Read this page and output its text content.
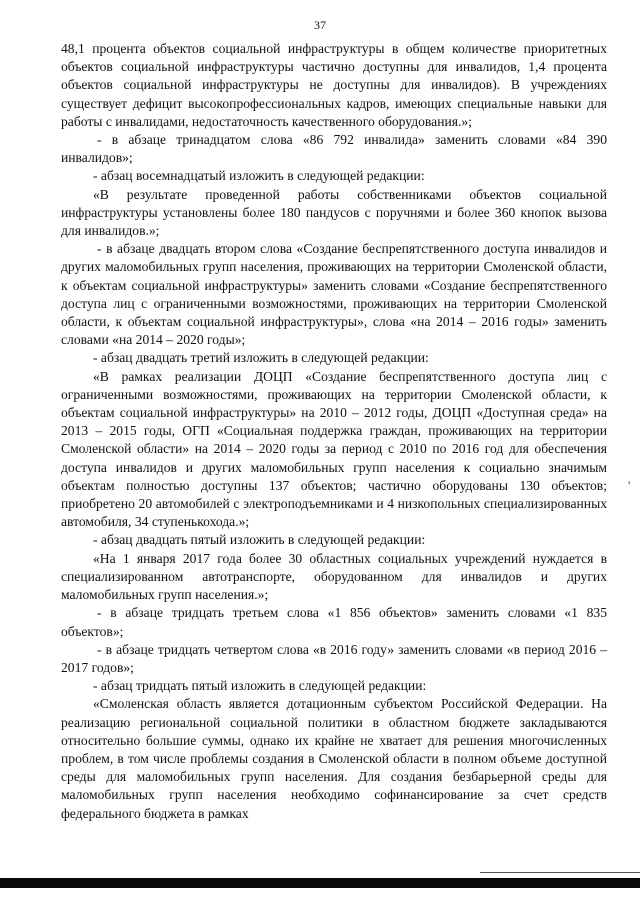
37

48,1 процента объектов социальной инфраструктуры в общем количестве приоритетных объектов социальной инфраструктуры частично доступны для инвалидов, 1,4 процента объектов социальной инфраструктуры не доступны для инвалидов). В учреждениях существует дефицит высокопрофессиональных кадров, имеющих специальные навыки для работы с инвалидами, недостаточность качественного оборудования.»;

- в абзаце тринадцатом слова «86 792 инвалида» заменить словами «84 390 инвалидов»;

- абзац восемнадцатый изложить в следующей редакции:

«В результате проведенной работы собственниками объектов социальной инфраструктуры установлены более 180 пандусов с поручнями и более 360 кнопок вызова для инвалидов.»;

- в абзаце двадцать втором слова «Создание беспрепятственного доступа инвалидов и других маломобильных групп населения, проживающих на территории Смоленской области, к объектам социальной инфраструктуры» заменить словами «Создание беспрепятственного доступа лиц с ограниченными возможностями, проживающих на территории Смоленской области, к объектам социальной инфраструктуры», слова «на 2014 – 2016 годы» заменить словами «на 2014 – 2020 годы»;

- абзац двадцать третий изложить в следующей редакции:

«В рамках реализации ДОЦП «Создание беспрепятственного доступа лиц с ограниченными возможностями, проживающих на территории Смоленской области, к объектам социальной инфраструктуры» на 2010 – 2012 годы, ДОЦП «Доступная среда» на 2013 – 2015 годы, ОГП «Социальная поддержка граждан, проживающих на территории Смоленской области» на 2014 – 2020 годы за период с 2010 по 2016 год для обеспечения доступа инвалидов и других маломобильных групп населения к социально значимым объектам полностью доступны 137 объектов; частично оборудованы 130 объектов; приобретено 20 автомобилей с электроподъемниками и 4 низкопольных специализированных автомобиля, 34 ступенькохода.»;

- абзац двадцать пятый изложить в следующей редакции:

«На 1 января 2017 года более 30 областных социальных учреждений нуждается в специализированном автотранспорте, оборудованном для инвалидов и других маломобильных групп населения.»;

- в абзаце тридцать третьем слова «1 856 объектов» заменить словами «1 835 объектов»;

- в абзаце тридцать четвертом слова «в 2016 году» заменить словами «в период 2016 – 2017 годов»;

- абзац тридцать пятый изложить в следующей редакции:

«Смоленская область является дотационным субъектом Российской Федерации. На реализацию региональной социальной политики в областном бюджете закладываются относительно большие суммы, однако их крайне не хватает для решения многочисленных проблем, в том числе проблемы создания в Смоленской области в полном объеме доступной среды для маломобильных групп населения. Для создания безбарьерной среды для маломобильных групп населения необходимо софинансирование за счет средств федерального бюджета в рамках

'
